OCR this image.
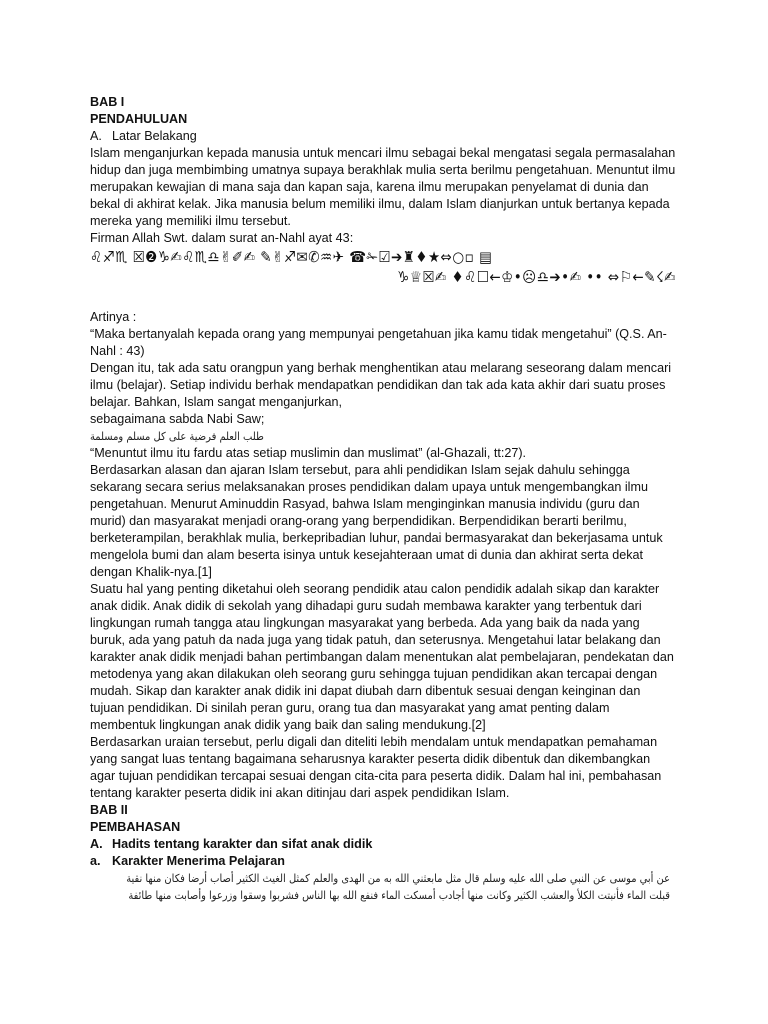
BAB I

PENDAHULUAN

A. Latar Belakang

Islam menganjurkan kepada manusia untuk mencari ilmu sebagai bekal mengatasi segala permasalahan hidup dan juga membimbing umatnya supaya berakhlak mulia serta berilmu pengetahuan. Menuntut ilmu merupakan kewajian di mana saja dan kapan saja, karena ilmu merupakan penyelamat di dunia dan bekal di akhirat kelak. Jika manusia belum memiliki ilmu, dalam Islam dianjurkan untuk bertanya kepada mereka yang memiliki ilmu tersebut.

Firman Allah Swt. dalam surat an-Nahl ayat 43:

♌♐♏ ☒❷♑✍♌♏♎✌✐✍ ✎✌♐✉✆♒✈ ☎✁☑➔♜♦★⇔○▫ ▤
♑♕☒✍ ♦♌☐←♔•☹♎➔•✍ •• ⇔⚐←✎☇✍

Artinya :

“Maka bertanyalah kepada orang yang mempunyai pengetahuan jika kamu tidak mengetahui” (Q.S. An-Nahl : 43)

Dengan itu, tak ada satu orangpun yang berhak menghentikan atau melarang seseorang dalam mencari ilmu (belajar). Setiap individu berhak mendapatkan pendidikan dan tak ada kata akhir dari suatu proses belajar. Bahkan, Islam sangat menganjurkan,

sebagaimana sabda Nabi Saw;

طلب العلم فرضية على كل مسلم ومسلمة

“Menuntut ilmu itu fardu atas setiap muslimin dan muslimat” (al-Ghazali, tt:27).

Berdasarkan alasan dan ajaran Islam tersebut, para ahli pendidikan Islam sejak dahulu sehingga sekarang secara serius melaksanakan proses pendidikan dalam upaya untuk mengembangkan ilmu pengetahuan. Menurut Aminuddin Rasyad, bahwa Islam menginginkan manusia individu (guru dan murid) dan masyarakat menjadi orang-orang yang berpendidikan. Berpendidikan berarti berilmu, berketerampilan, berakhlak mulia, berkepribadian luhur, pandai bermasyarakat dan bekerjasama untuk mengelola bumi dan alam beserta isinya untuk kesejahteraan umat di dunia dan akhirat serta dekat dengan Khalik-nya.[1]

Suatu hal yang penting diketahui oleh seorang pendidik atau calon pendidik adalah sikap dan karakter anak didik. Anak didik di sekolah yang dihadapi guru sudah membawa karakter yang terbentuk dari lingkungan rumah tangga atau lingkungan masyarakat yang berbeda. Ada yang baik da nada yang buruk, ada yang patuh da nada juga yang tidak patuh, dan seterusnya. Mengetahui latar belakang dan karakter anak didik menjadi bahan pertimbangan dalam menentukan alat pembelajaran, pendekatan dan metodenya yang akan dilakukan oleh seorang guru sehingga tujuan pendidikan akan tercapai dengan mudah. Sikap dan karakter anak didik ini dapat diubah darn dibentuk sesuai dengan keinginan dan tujuan pendidikan. Di sinilah peran guru, orang tua dan masyarakat yang amat penting dalam membentuk lingkungan anak didik yang baik dan saling mendukung.[2]

Berdasarkan uraian tersebut, perlu digali dan diteliti lebih mendalam untuk mendapatkan pemahaman yang sangat luas tentang bagaimana seharusnya karakter peserta didik dibentuk dan dikembangkan agar tujuan pendidikan tercapai sesuai dengan cita-cita para peserta didik. Dalam hal ini, pembahasan tentang karakter peserta didik ini akan ditinjau dari aspek pendidikan Islam.

BAB II

PEMBAHASAN

A. Hadits tentang karakter dan sifat anak didik

a. Karakter Menerima Pelajaran

عن أبي موسى عن النبي صلى الله عليه وسلم قال مثل مابعثني الله به من الهدى والعلم كمثل الغيث الكثير أصاب أرضا فكان منها نقية

قبلت الماء فأنبتت الكلأ والعشب الكثير وكانت منها أجادب أمسكت الماء فنفع الله بها الناس فشربوا وسقوا وزرعوا وأصابت منها طائفة
